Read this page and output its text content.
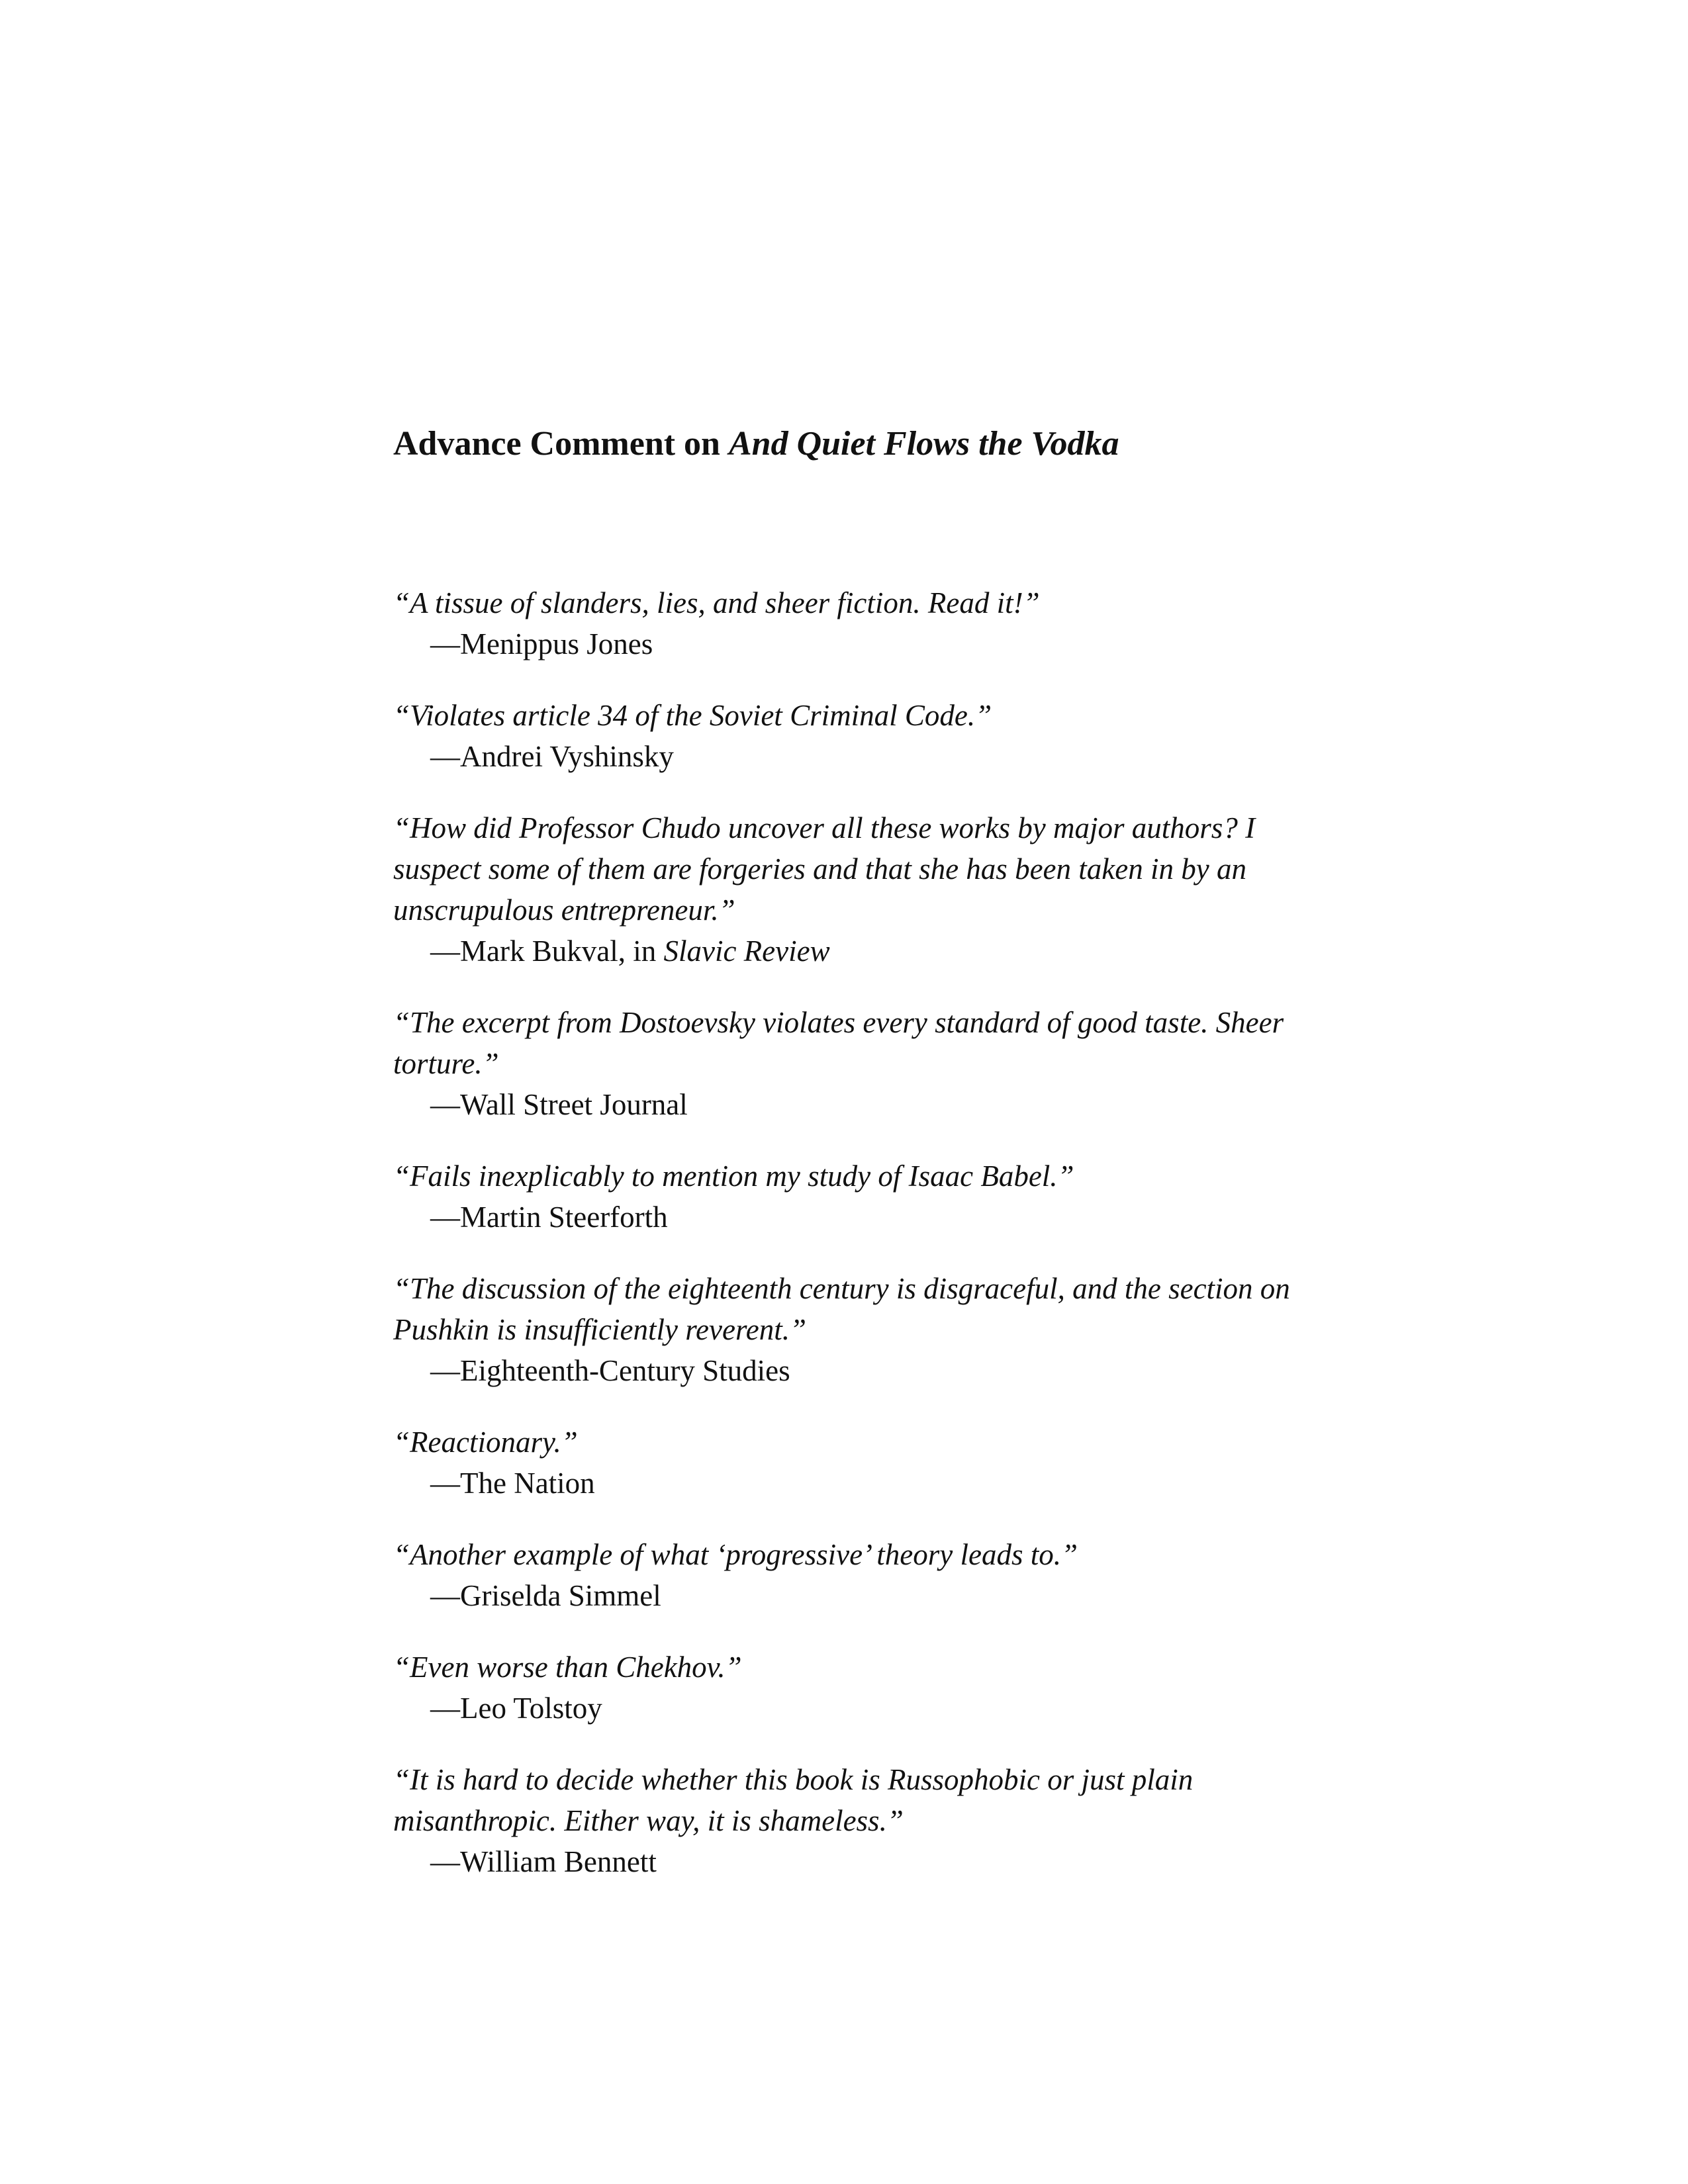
Advance Comment on And Quiet Flows the Vodka

“A tissue of slanders, lies, and sheer fiction. Read it!”

—Menippus Jones

“Violates article 34 of the Soviet Criminal Code.”

—Andrei Vyshinsky

“How did Professor Chudo uncover all these works by major authors? I suspect some of them are forgeries and that she has been taken in by an unscrupulous entrepreneur.”

—Mark Bukval, in Slavic Review

“The excerpt from Dostoevsky violates every standard of good taste. Sheer torture.”

—Wall Street Journal

“Fails inexplicably to mention my study of Isaac Babel.”

—Martin Steerforth

“The discussion of the eighteenth century is disgraceful, and the section on Pushkin is insufficiently reverent.”

—Eighteenth-Century Studies

“Reactionary.”

—The Nation

“Another example of what ‘progressive’ theory leads to.”

—Griselda Simmel

“Even worse than Chekhov.”

—Leo Tolstoy

“It is hard to decide whether this book is Russophobic or just plain misanthropic. Either way, it is shameless.”

—William Bennett
